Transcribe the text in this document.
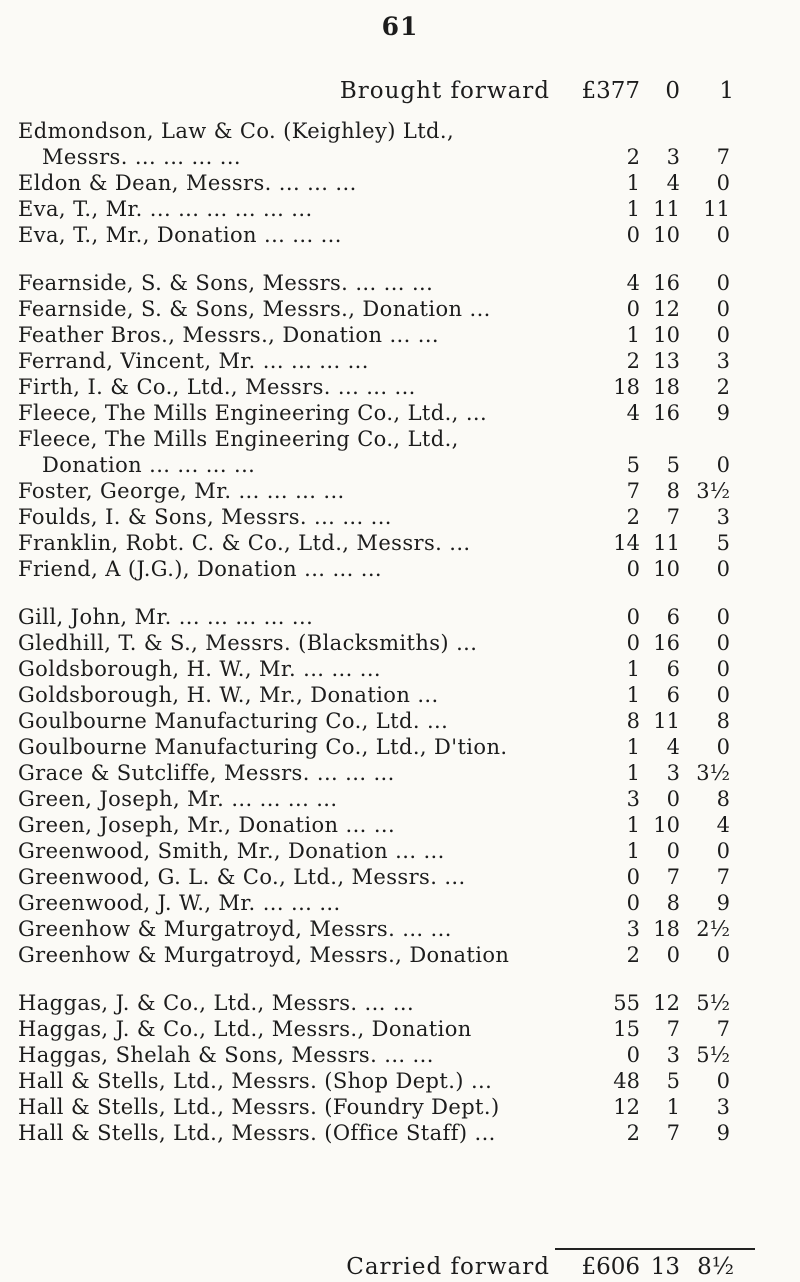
61
Brought forward	£377	0	1
Edmondson, Law & Co. (Keighley) Ltd.,
Messrs. ... ... ... ...	2	3	7
Eldon & Dean, Messrs. ... ... ...	1	4	0
Eva, T., Mr. ... ... ... ... ... ...	1 11	11
Eva, T., Mr., Donation ... ... ...	0 10	0
Fearnside, S. & Sons, Messrs. ... ... ...	4 16	0
Fearnside, S. & Sons, Messrs., Donation ...	0 12	0
Feather Bros., Messrs., Donation ... ...	1 10	0
Ferrand, Vincent, Mr. ... ... ... ...	2 13	3
Firth, I. & Co., Ltd., Messrs. ... ... ...	18 18	2
Fleece, The Mills Engineering Co., Ltd., ...	4 16	9
Fleece, The Mills Engineering Co., Ltd.,
Donation ... ... ... ...	5	5	0
Foster, George, Mr. ... ... ... ...	7	8 3½
Foulds, I. & Sons, Messrs. ... ... ...	2	7	3
Franklin, Robt. C. & Co., Ltd., Messrs. ...	14 11	5
Friend, A (J.G.), Donation ... ... ...	0 10	0
Gill, John, Mr. ... ... ... ... ...	0	6	0
Gledhill, T. & S., Messrs. (Blacksmiths) ...	0 16	0
Goldsborough, H. W., Mr. ... ... ...	1	6	0
Goldsborough, H. W., Mr., Donation ...	1	6	0
Goulbourne Manufacturing Co., Ltd. ...	8 11	8
Goulbourne Manufacturing Co., Ltd., D'tion.	1	4	0
Grace & Sutcliffe, Messrs. ... ... ...	1	3 3½
Green, Joseph, Mr. ... ... ... ...	3	0	8
Green, Joseph, Mr., Donation ... ...	1 10	4
Greenwood, Smith, Mr., Donation ... ...	1	0	0
Greenwood, G. L. & Co., Ltd., Messrs. ...	0	7	7
Greenwood, J. W., Mr. ... ... ...	0	8	9
Greenhow & Murgatroyd, Messrs. ... ...	3 18 2½
Greenhow & Murgatroyd, Messrs., Donation	2	0	0
Haggas, J. & Co., Ltd., Messrs. ... ...	55 12 5½
Haggas, J. & Co., Ltd., Messrs., Donation	15	7	7
Haggas, Shelah & Sons, Messrs. ... ...	0	3 5½
Hall & Stells, Ltd., Messrs. (Shop Dept.) ...	48	5	0
Hall & Stells, Ltd., Messrs. (Foundry Dept.)	12	1	3
Hall & Stells, Ltd., Messrs. (Office Staff) ...	2	7	9
Carried forward	£606 13 8½
